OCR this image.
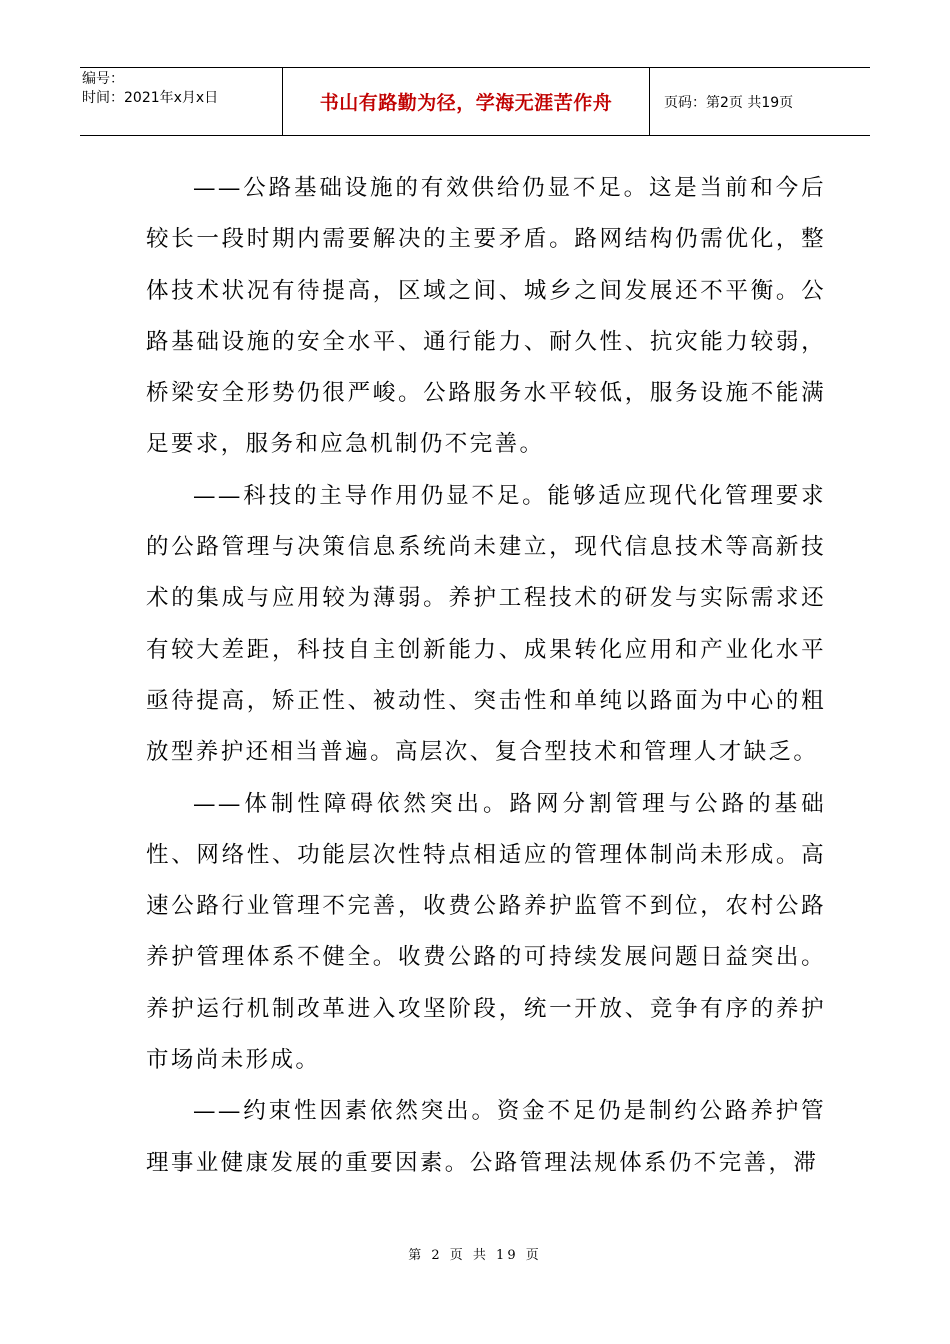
编号：
时间：2021年x月x日	书山有路勤为径，学海无涯苦作舟	页码：第2页 共19页

——公路基础设施的有效供给仍显不足。这是当前和今后较长一段时期内需要解决的主要矛盾。路网结构仍需优化，整体技术状况有待提高，区域之间、城乡之间发展还不平衡。公路基础设施的安全水平、通行能力、耐久性、抗灾能力较弱，桥梁安全形势仍很严峻。公路服务水平较低，服务设施不能满足要求，服务和应急机制仍不完善。

——科技的主导作用仍显不足。能够适应现代化管理要求的公路管理与决策信息系统尚未建立，现代信息技术等高新技术的集成与应用较为薄弱。养护工程技术的研发与实际需求还有较大差距，科技自主创新能力、成果转化应用和产业化水平亟待提高，矫正性、被动性、突击性和单纯以路面为中心的粗放型养护还相当普遍。高层次、复合型技术和管理人才缺乏。

——体制性障碍依然突出。路网分割管理与公路的基础性、网络性、功能层次性特点相适应的管理体制尚未形成。高速公路行业管理不完善，收费公路养护监管不到位，农村公路养护管理体系不健全。收费公路的可持续发展问题日益突出。养护运行机制改革进入攻坚阶段，统一开放、竞争有序的养护市场尚未形成。

——约束性因素依然突出。资金不足仍是制约公路养护管理事业健康发展的重要因素。公路管理法规体系仍不完善，滞

第 2 页 共 19 页
